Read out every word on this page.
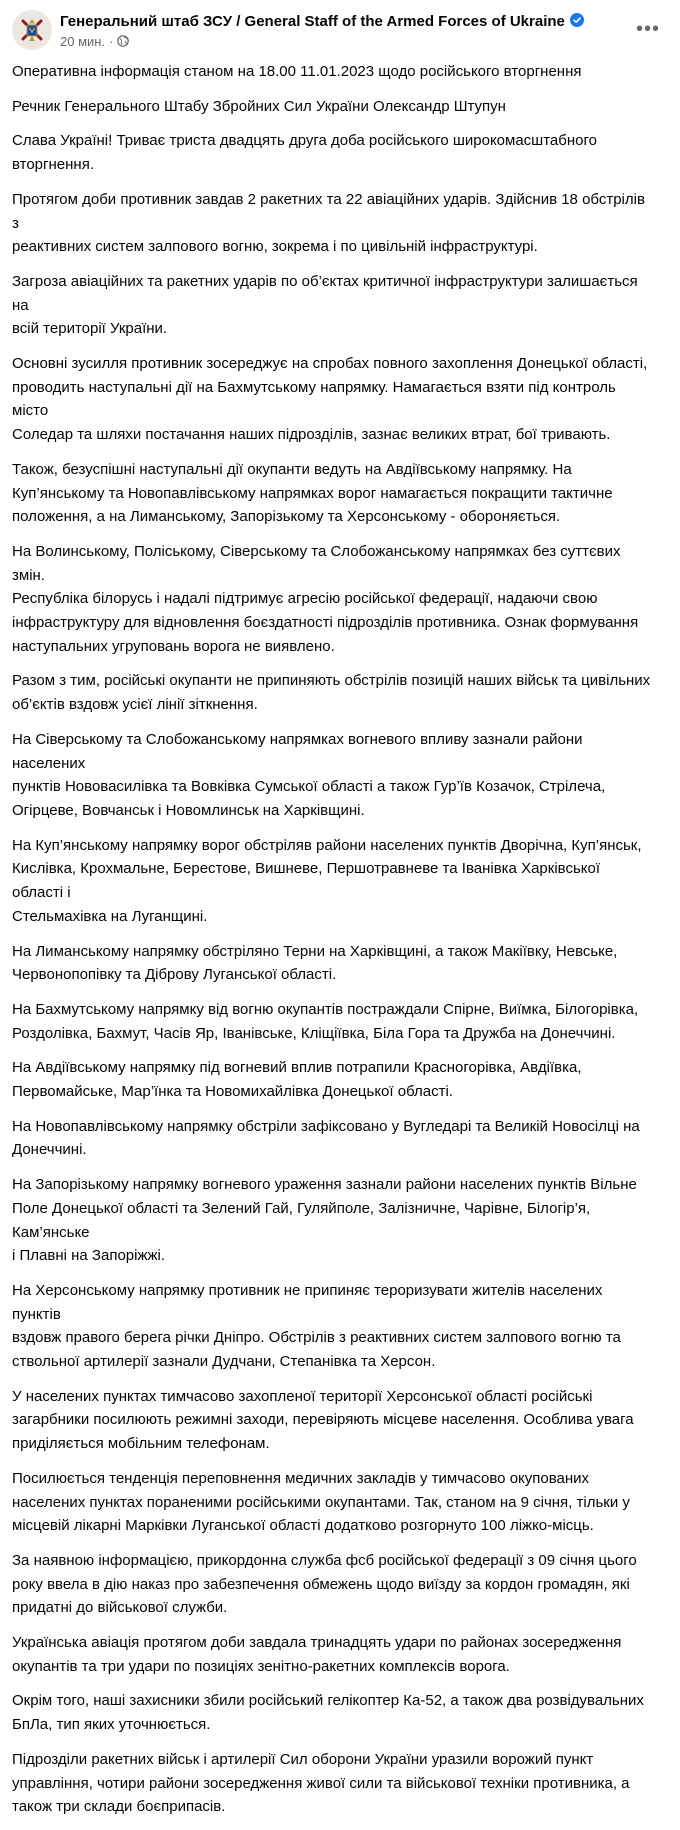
Генеральний штаб ЗСУ / General Staff of the Armed Forces of Ukraine
20 мин. ·
•••

Оперативна інформація станом на 18.00 11.01.2023 щодо російського вторгнення

Речник Генерального Штабу Збройних Сил України Олександр Штупун

Слава Україні! Триває триста двадцять друга доба російського широкомасштабного
вторгнення.

Протягом доби противник завдав 2 ракетних та 22 авіаційних ударів. Здійснив 18 обстрілів з
реактивних систем залпового вогню, зокрема і по цивільній інфраструктурі.

Загроза авіаційних та ракетних ударів по об’єктах критичної інфраструктури залишається на
всій території України.

Основні зусилля противник зосереджує на спробах повного захоплення Донецької області,
проводить наступальні дії на Бахмутському напрямку. Намагається взяти під контроль місто
Соледар та шляхи постачання наших підрозділів, зазнає великих втрат, бої тривають.

Також, безуспішні наступальні дії окупанти ведуть на Авдіївському напрямку. На
Куп’янському та Новопавлівському напрямках ворог намагається покращити тактичне
положення, а на Лиманському, Запорізькому та Херсонському - обороняється.

На Волинському, Поліському, Сіверському та Слобожанському напрямках без суттєвих змін.
Республіка білорусь і надалі підтримує агресію російської федерації, надаючи свою
інфраструктуру для відновлення боєздатності підрозділів противника. Ознак формування
наступальних угруповань ворога не виявлено.

Разом з тим, російські окупанти не припиняють обстрілів позицій наших військ та цивільних
об’єктів вздовж усієї лінії зіткнення.

На Сіверському та Слобожанському напрямках вогневого впливу зазнали райони населених
пунктів Нововасилівка та Вовківка Сумської області а також Гур’їв Козачок, Стрілеча,
Огірцеве, Вовчанськ і Новомлинськ на Харківщині.

На Куп’янському напрямку ворог обстріляв райони населених пунктів Дворічна, Куп’янськ,
Кислівка, Крохмальне, Берестове, Вишневе, Першотравневе та Іванівка Харківської області і
Стельмахівка на Луганщині.

На Лиманському напрямку обстріляно Терни на Харківщині, а також Макіївку, Невське,
Червонопопівку та Діброву Луганської області.

На Бахмутському напрямку від вогню окупантів постраждали Спірне, Виїмка, Білогорівка,
Роздолівка, Бахмут, Часів Яр, Іванівське, Кліщіївка, Біла Гора та Дружба на Донеччині.

На Авдіївському напрямку під вогневий вплив потрапили Красногорівка, Авдіївка,
Первомайське, Мар’їнка та Новомихайлівка Донецької області.

На Новопавлівському напрямку обстріли зафіксовано у Вугледарі та Великій Новосілці на
Донеччині.

На Запорізькому напрямку вогневого ураження зазнали райони населених пунктів Вільне
Поле Донецької області та Зелений Гай, Гуляйполе, Залізничне, Чарівне, Білогір’я, Кам’янське
і Плавні на Запоріжжі.

На Херсонському напрямку противник не припиняє тероризувати жителів населених пунктів
вздовж правого берега річки Дніпро. Обстрілів з реактивних систем залпового вогню та
ствольної артилерії зазнали Дудчани, Степанівка та Херсон.

У населених пунктах тимчасово захопленої території Херсонської області російські
загарбники посилюють режимні заходи, перевіряють місцеве населення. Особлива увага
приділяється мобільним телефонам.

Посилюється тенденція переповнення медичних закладів у тимчасово окупованих
населених пунктах пораненими російськими окупантами. Так, станом на 9 січня, тільки у
місцевій лікарні Марківки Луганської області додатково розгорнуто 100 ліжко-місць.

За наявною інформацією, прикордонна служба фсб російської федерації з 09 січня цього
року ввела в дію наказ про забезпечення обмежень щодо виїзду за кордон громадян, які
придатні до військової служби.

Українська авіація протягом доби завдала тринадцять удари по районах зосередження
окупантів та три удари по позиціях зенітно-ракетних комплексів ворога.

Окрім того, наші захисники збили російський гелікоптер Ка-52, а також два розвідувальних
БпЛа, тип яких уточнюється.

Підрозділи ракетних військ і артилерії Сил оборони України уразили ворожий пункт
управління, чотири райони зосередження живої сили та військової техніки противника, а
також три склади боєприпасів.
